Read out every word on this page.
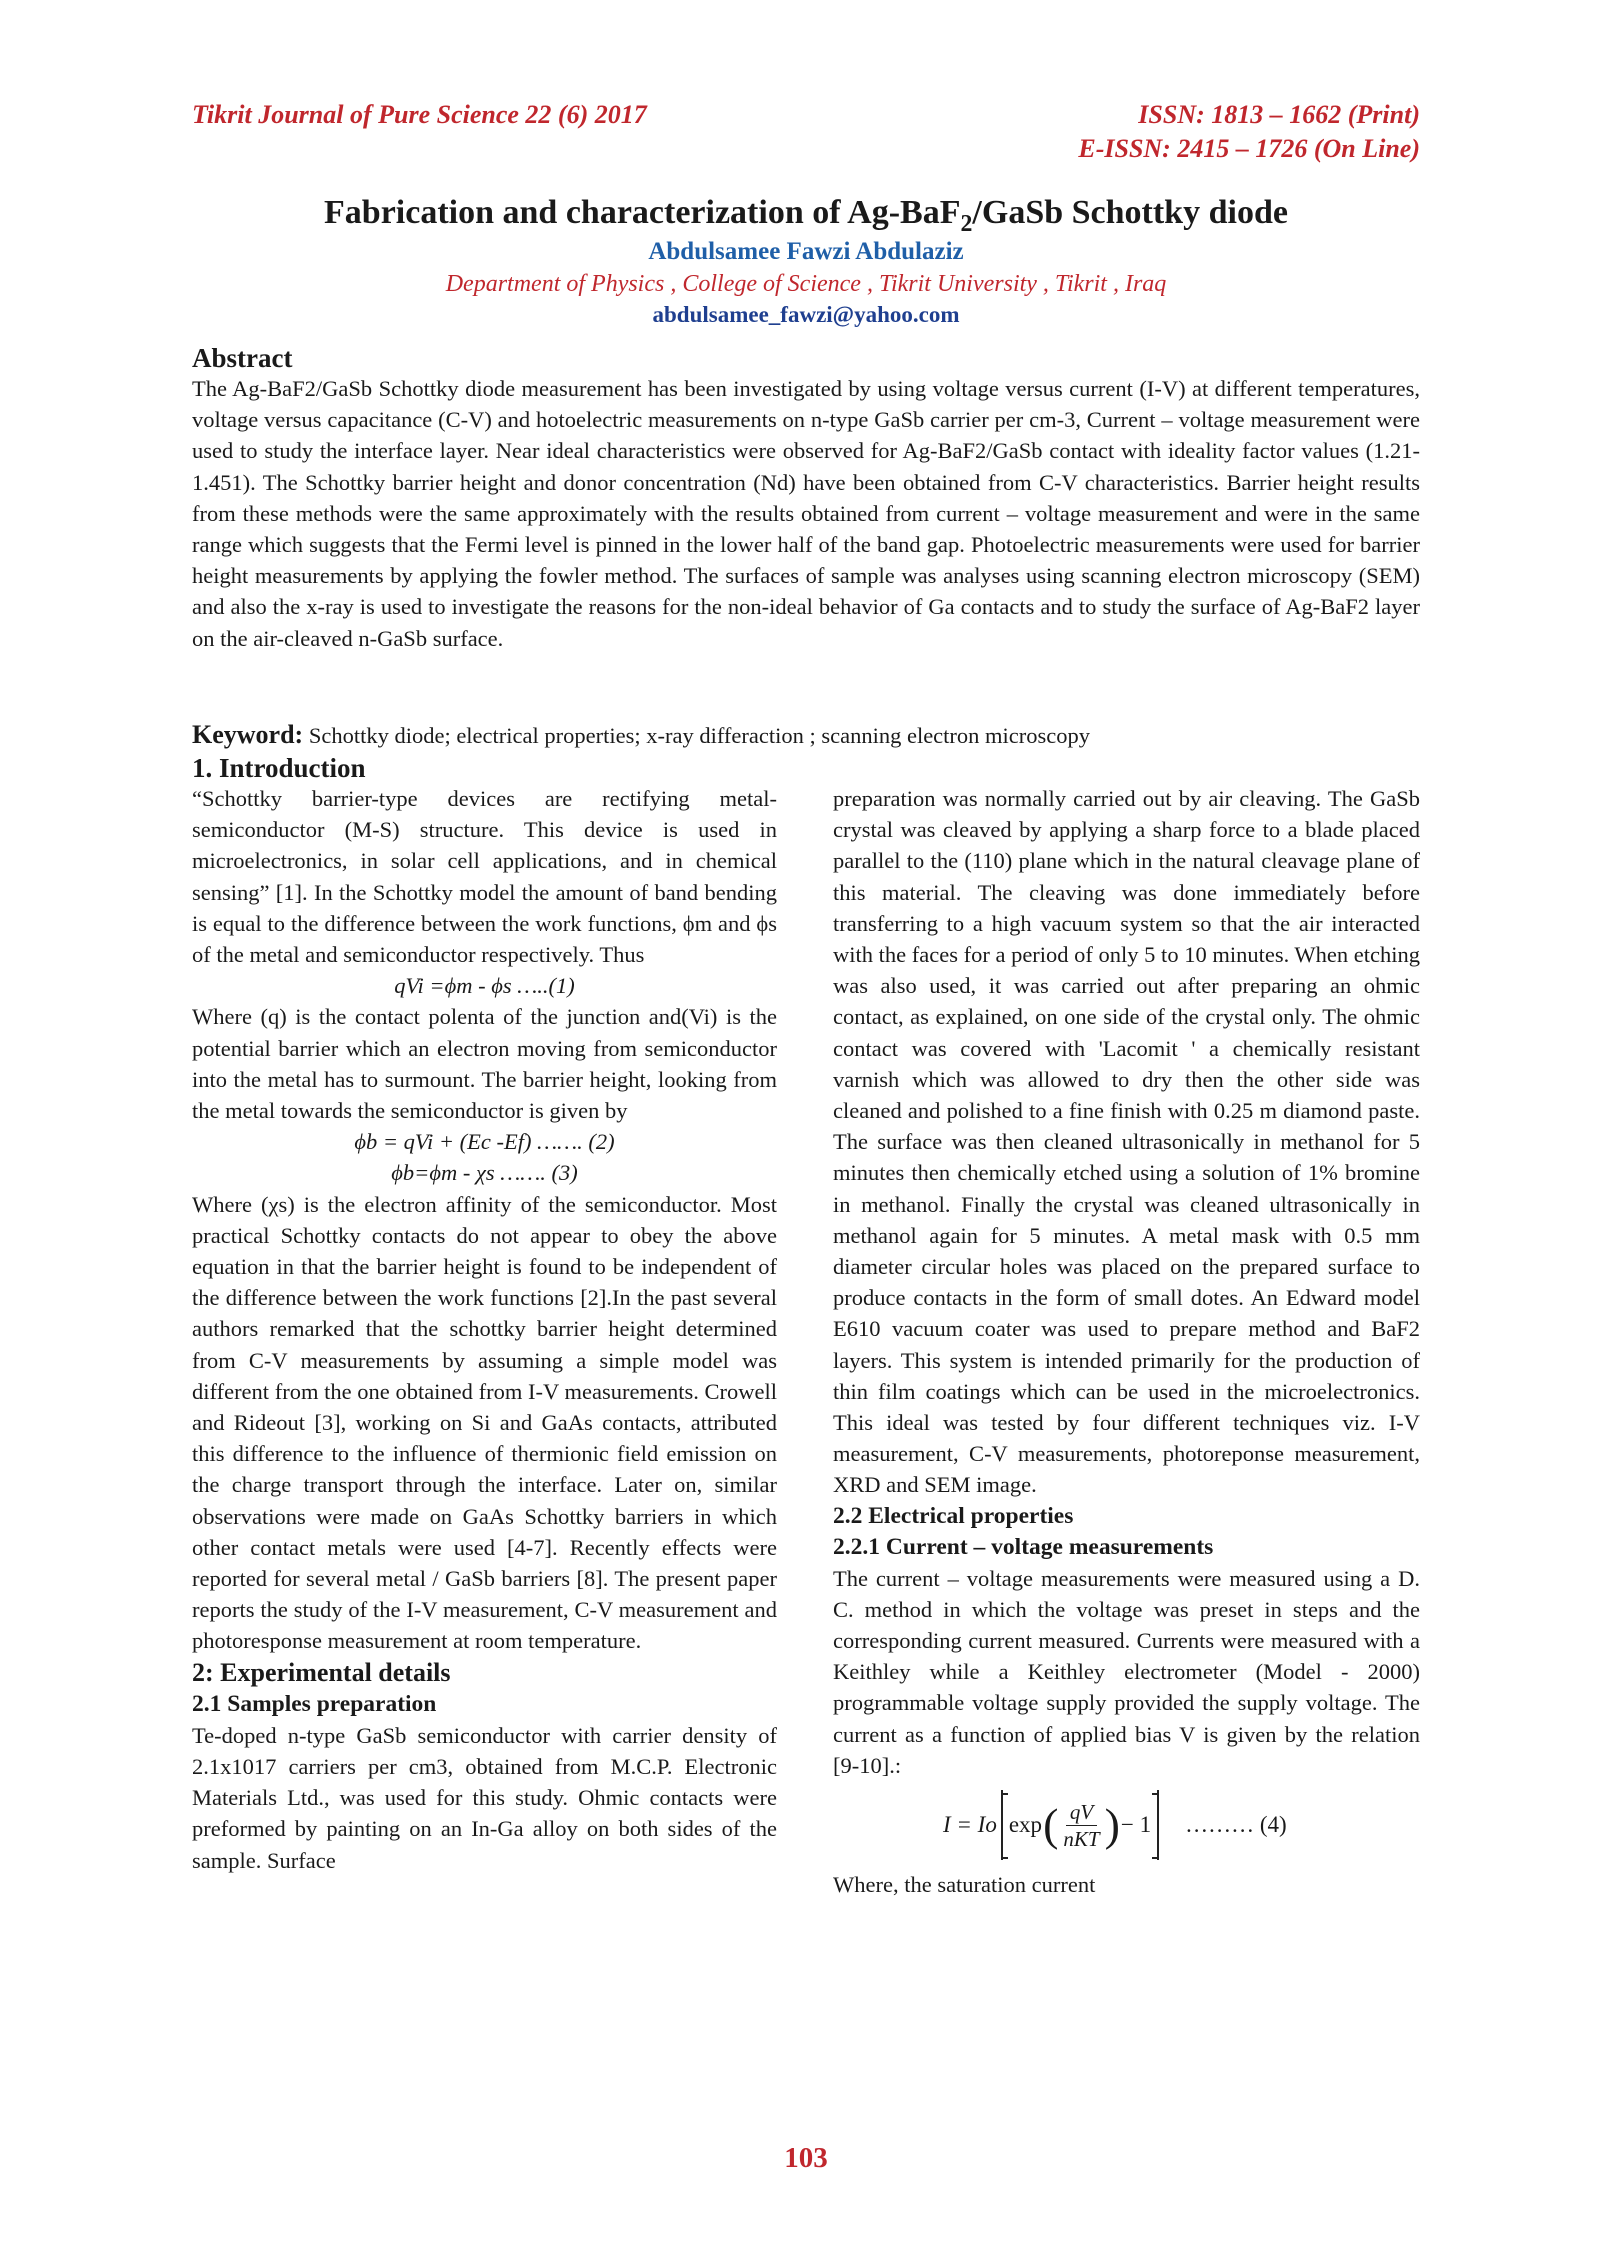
Tikrit Journal of Pure Science 22 (6) 2017	ISSN: 1813 – 1662 (Print)
E-ISSN: 2415 – 1726 (On Line)
Fabrication and characterization of Ag-BaF$_2$/GaSb Schottky diode
Abdulsamee Fawzi Abdulaziz
Department of Physics , College of Science , Tikrit University , Tikrit , Iraq
abdulsamee_fawzi@yahoo.com
Abstract
The Ag-BaF2/GaSb Schottky diode measurement has been investigated by using voltage versus current (I-V) at different temperatures, voltage versus capacitance (C-V) and hotoelectric measurements on n-type GaSb carrier per cm-3, Current – voltage measurement were used to study the interface layer. Near ideal characteristics were observed for Ag-BaF2/GaSb contact with ideality factor values (1.21-1.451). The Schottky barrier height and donor concentration (Nd) have been obtained from C-V characteristics. Barrier height results from these methods were the same approximately with the results obtained from current – voltage measurement and were in the same range which suggests that the Fermi level is pinned in the lower half of the band gap. Photoelectric measurements were used for barrier height measurements by applying the fowler method. The surfaces of sample was analyses using scanning electron microscopy (SEM) and also the x-ray is used to investigate the reasons for the non-ideal behavior of Ga contacts and to study the surface of Ag-BaF2 layer on the air-cleaved n-GaSb surface.
Keyword: Schottky diode; electrical properties; x-ray differaction ; scanning electron microscopy
1. Introduction

“Schottky barrier-type devices are rectifying metal-semiconductor (M-S) structure. This device is used in microelectronics, in solar cell applications, and in chemical sensing” [1]. In the Schottky model the amount of band bending is equal to the difference between the work functions, ϕm and ϕs of the metal and semiconductor respectively. Thus

qVi =ϕm - ϕs …..(1)

Where (q) is the contact polenta of the junction and(Vi) is the potential barrier which an electron moving from semiconductor into the metal has to surmount. The barrier height, looking from the metal towards the semiconductor is given by

ϕb = qVi + (Ec -Ef) ……. (2)

ϕb=ϕm - χs ……. (3)

Where (χs) is the electron affinity of the semiconductor. Most practical Schottky contacts do not appear to obey the above equation in that the barrier height is found to be independent of the difference between the work functions [2].In the past several authors remarked that the schottky barrier height determined from C-V measurements by assuming a simple model was different from the one obtained from I-V measurements. Crowell and Rideout [3], working on Si and GaAs contacts, attributed this difference to the influence of thermionic field emission on the charge transport through the interface. Later on, similar observations were made on GaAs Schottky barriers in which other contact metals were used [4-7]. Recently effects were reported for several metal / GaSb barriers [8]. The present paper reports the study of the I-V measurement, C-V measurement and photoresponse measurement at room temperature.

2: Experimental details

2.1 Samples preparation

Te-doped n-type GaSb semiconductor with carrier density of 2.1x1017 carriers per cm3, obtained from M.C.P. Electronic Materials Ltd., was used for this study. Ohmic contacts were preformed by painting on an In-Ga alloy on both sides of the sample. Surface

preparation was normally carried out by air cleaving. The GaSb crystal was cleaved by applying a sharp force to a blade placed parallel to the (110) plane which in the natural cleavage plane of this material. The cleaving was done immediately before transferring to a high vacuum system so that the air interacted with the faces for a period of only 5 to 10 minutes. When etching was also used, it was carried out after preparing an ohmic contact, as explained, on one side of the crystal only. The ohmic contact was covered with 'Lacomit ' a chemically resistant varnish which was allowed to dry then the other side was cleaned and polished to a fine finish with 0.25 m diamond paste. The surface was then cleaned ultrasonically in methanol for 5 minutes then chemically etched using a solution of 1% bromine in methanol. Finally the crystal was cleaned ultrasonically in methanol again for 5 minutes. A metal mask with 0.5 mm diameter circular holes was placed on the prepared surface to produce contacts in the form of small dotes. An Edward model E610 vacuum coater was used to prepare method and BaF2 layers. This system is intended primarily for the production of thin film coatings which can be used in the microelectronics. This ideal was tested by four different techniques viz. I-V measurement, C-V measurements, photoreponse measurement, XRD and SEM image.

2.2 Electrical properties

2.2.1 Current – voltage measurements

The current – voltage measurements were measured using a D. C. method in which the voltage was preset in steps and the corresponding current measured. Currents were measured with a Keithley while a Keithley electrometer (Model - 2000) programmable voltage supply provided the supply voltage. The current as a function of applied bias V is given by the relation [9-10].:

I = Io exp ( $\frac{qV}{\text{nKT}}$ ) − 1 ……… (4)

Where, the saturation current

103
